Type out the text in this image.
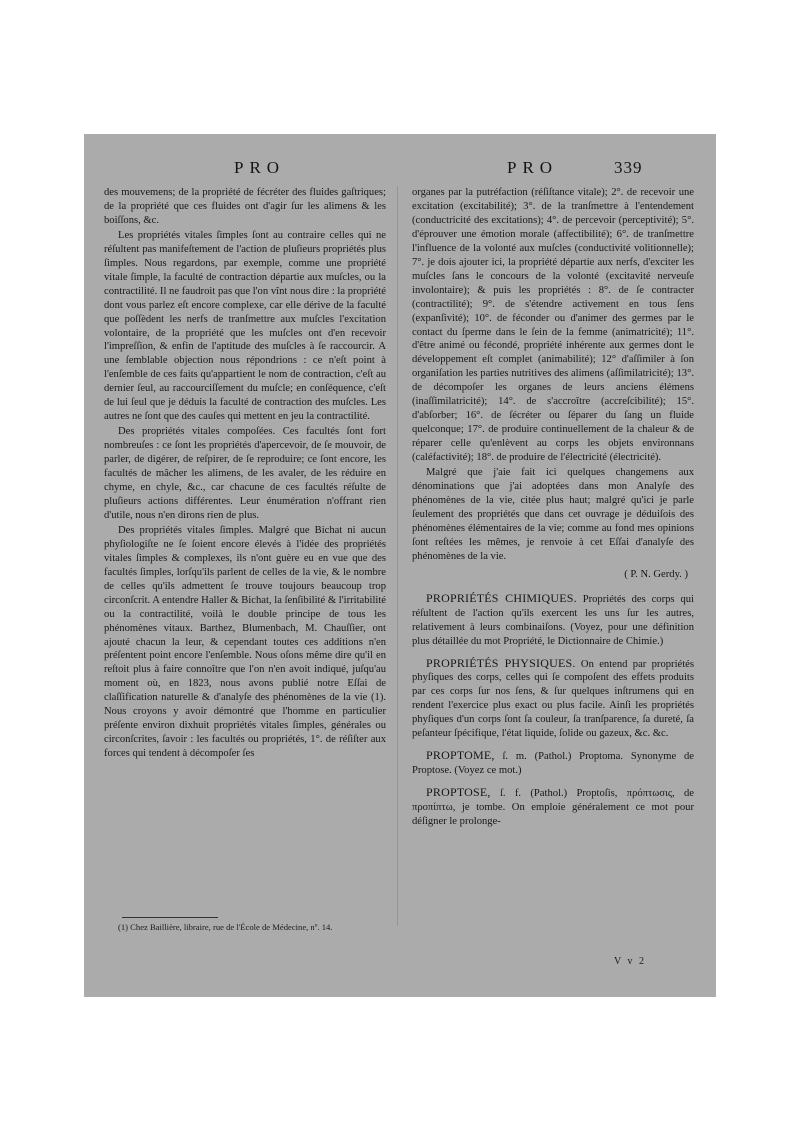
PRO	PRO	339

des mouvemens; de la propriété de fécréter des fluides gaſtriques; de la propriété que ces fluides ont d'agir ſur les alimens & les boiſſons, &c.

Les propriétés vitales ſimples ſont au contraire celles qui ne réſultent pas manifeſtement de l'action de pluſieurs propriétés plus ſimples. Nous regardons, par exemple, comme une propriété vitale ſimple, la faculté de contraction départie aux muſcles, ou la contractilité. Il ne faudroit pas que l'on vînt nous dire : la propriété dont vous parlez eſt encore complexe, car elle dérive de la faculté que poſſèdent les nerfs de tranſmettre aux muſcles l'excitation volontaire, de la propriété que les muſcles ont d'en recevoir l'impreſſion, & enfin de l'aptitude des muſcles à ſe raccourcir. A une ſemblable objection nous répondrions : ce n'eſt point à l'enſemble de ces faits qu'appartient le nom de contraction, c'eſt au dernier ſeul, au raccourciſſement du muſcle; en conſéquence, c'eſt de lui ſeul que je déduis la faculté de contraction des muſcles. Les autres ne ſont que des cauſes qui mettent en jeu la contractilité.

Des propriétés vitales compoſées. Ces facultés ſont fort nombreuſes : ce ſont les propriétés d'apercevoir, de ſe mouvoir, de parler, de digérer, de reſpirer, de ſe reproduire; ce ſont encore, les facultés de mâcher les alimens, de les avaler, de les réduire en chyme, en chyle, &c., car chacune de ces facultés réſulte de pluſieurs actions différentes. Leur énumération n'offrant rien d'utile, nous n'en dirons rien de plus.

Des propriétés vitales ſimples. Malgré que Bichat ni aucun phyſiologiſte ne ſe ſoient encore élevés à l'idée des propriétés vitales ſimples & complexes, ils n'ont guère eu en vue que des facultés ſimples, lorſqu'ils parlent de celles de la vie, & le nombre de celles qu'ils admettent ſe trouve toujours beaucoup trop circonſcrit. A entendre Haller & Bichat, la ſenſibilité & l'irritabilité ou la contractilité, voilà le double principe de tous les phénomènes vitaux. Barthez, Blumenbach, M. Chauſſier, ont ajouté chacun la leur, & cependant toutes ces additions n'en préſentent point encore l'enſemble. Nous oſons même dire qu'il en reſtoit plus à faire connoître que l'on n'en avoit indiqué, juſqu'au moment où, en 1823, nous avons publié notre Eſſai de claſſification naturelle & d'analyſe des phénomènes de la vie (1). Nous croyons y avoir démontré que l'homme en particulier préſente environ dixhuit propriétés vitales ſimples, générales ou circonſcrites, ſavoir : les facultés ou propriétés, 1°. de réſiſter aux forces qui tendent à décompoſer ſes

organes par la putréfaction (réſiſtance vitale); 2°. de recevoir une excitation (excitabilité); 3°. de la tranſmettre à l'entendement (conductricité des excitations); 4°. de percevoir (perceptivité); 5°. d'éprouver une émotion morale (affectibilité); 6°. de tranſmettre l'influence de la volonté aux muſcles (conductivité volitionnelle); 7°. je dois ajouter ici, la propriété départie aux nerfs, d'exciter les muſcles ſans le concours de la volonté (excitavité nerveuſe involontaire); & puis les propriétés : 8°. de ſe contracter (contractilité); 9°. de s'étendre activement en tous ſens (expanſivité); 10°. de féconder ou d'animer des germes par le contact du ſperme dans le ſein de la femme (animatricité); 11°. d'être animé ou fécondé, propriété inhérente aux germes dont le développement eſt complet (animabilité); 12° d'aſſimiler à ſon organiſation les parties nutritives des alimens (aſſimilatricité); 13°. de décompoſer les organes de leurs anciens élémens (inaſſimilatricité); 14°. de s'accroître (accreſcibilité); 15°. d'abſorber; 16°. de ſécréter ou ſéparer du ſang un fluide quelconque; 17°. de produire continuellement de la chaleur & de réparer celle qu'enlèvent au corps les objets environnans (caléfactivité); 18°. de produire de l'électricité (électricité).

Malgré que j'aie fait ici quelques changemens aux dénominations que j'ai adoptées dans mon Analyſe des phénomènes de la vie, citée plus haut; malgré qu'ici je parle ſeulement des propriétés que dans cet ouvrage je déduiſois des phénomènes élémentaires de la vie; comme au fond mes opinions ſont reſtées les mêmes, je renvoie à cet Eſſai d'analyſe des phénomènes de la vie.

( P. N. Gerdy. )

PROPRIÉTÉS CHIMIQUES. Propriétés des corps qui réſultent de l'action qu'ils exercent les uns ſur les autres, relativement à leurs combinaiſons. (Voyez, pour une définition plus détaillée du mot Propriété, le Dictionnaire de Chimie.)

PROPRIÉTÉS PHYSIQUES. On entend par propriétés phyſiques des corps, celles qui ſe compoſent des effets produits par ces corps ſur nos ſens, & ſur quelques inſtrumens qui en rendent l'exercice plus exact ou plus facile. Ainſi les propriétés phyſiques d'un corps ſont ſa couleur, ſa tranſparence, ſa dureté, ſa peſanteur ſpécifique, l'état liquide, ſolide ou gazeux, &c. &c.

PROPTOME, ſ. m. (Pathol.) Proptoma. Synonyme de Proptose. (Voyez ce mot.)

PROPTOSE, ſ. f. (Pathol.) Proptoſis, πρόπτωσις, de προπίπτω, je tombe. On emploie généralement ce mot pour déſigner le prolonge-

(1) Chez Baillière, libraire, rue de l'École de Médecine, nº. 14.
V v 2
